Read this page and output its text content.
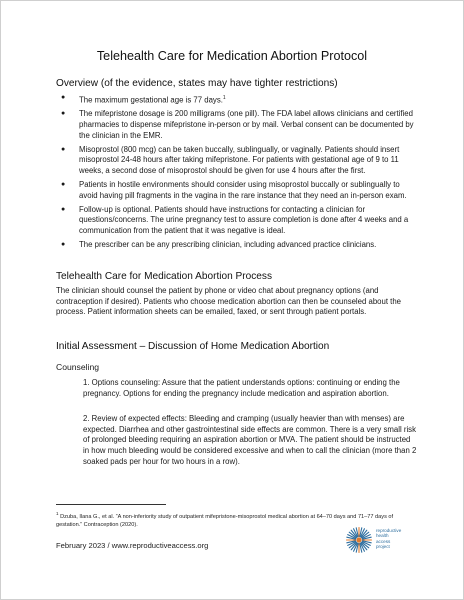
Telehealth Care for Medication Abortion Protocol
Overview (of the evidence, states may have tighter restrictions)
● The maximum gestational age is 77 days.$^1$
● The mifepristone dosage is 200 milligrams (one pill). The FDA label allows clinicians and certified pharmacies to dispense mifepristone in-person or by mail. Verbal consent can be documented by the clinician in the EMR.
● Misoprostol (800 mcg) can be taken buccally, sublingually, or vaginally. Patients should insert misoprostol 24-48 hours after taking mifepristone. For patients with gestational age of 9 to 11 weeks, a second dose of misoprostol should be given for use 4 hours after the first.
● Patients in hostile environments should consider using misoprostol buccally or sublingually to avoid having pill fragments in the vagina in the rare instance that they need an in-person exam.
● Follow-up is optional. Patients should have instructions for contacting a clinician for questions/concerns. The urine pregnancy test to assure completion is done after 4 weeks and a communication from the patient that it was negative is ideal.
● The prescriber can be any prescribing clinician, including advanced practice clinicians.
Telehealth Care for Medication Abortion Process

The clinician should counsel the patient by phone or video chat about pregnancy options (and contraception if desired). Patients who choose medication abortion can then be counseled about the process. Patient information sheets can be emailed, faxed, or sent through patient portals.

Initial Assessment – Discussion of Home Medication Abortion
Counseling

1. Options counseling: Assure that the patient understands options: continuing or ending the pregnancy. Options for ending the pregnancy include medication and aspiration abortion.

2. Review of expected effects: Bleeding and cramping (usually heavier than with menses) are expected. Diarrhea and other gastrointestinal side effects are common. There is a very small risk of prolonged bleeding requiring an aspiration abortion or MVA. The patient should be instructed in how much bleeding would be considered excessive and when to call the clinician (more than 2 soaked pads per hour for two hours in a row).

$^1$ Dzuba, Ilana G., et al. “A non-inferiority study of outpatient mifepristone-misoprostol medical abortion at 64–70 days and 71–77 days of gestation.” Contraception (2020).
February 2023 / www.reproductiveaccess.org
reproductive
health
access
project
